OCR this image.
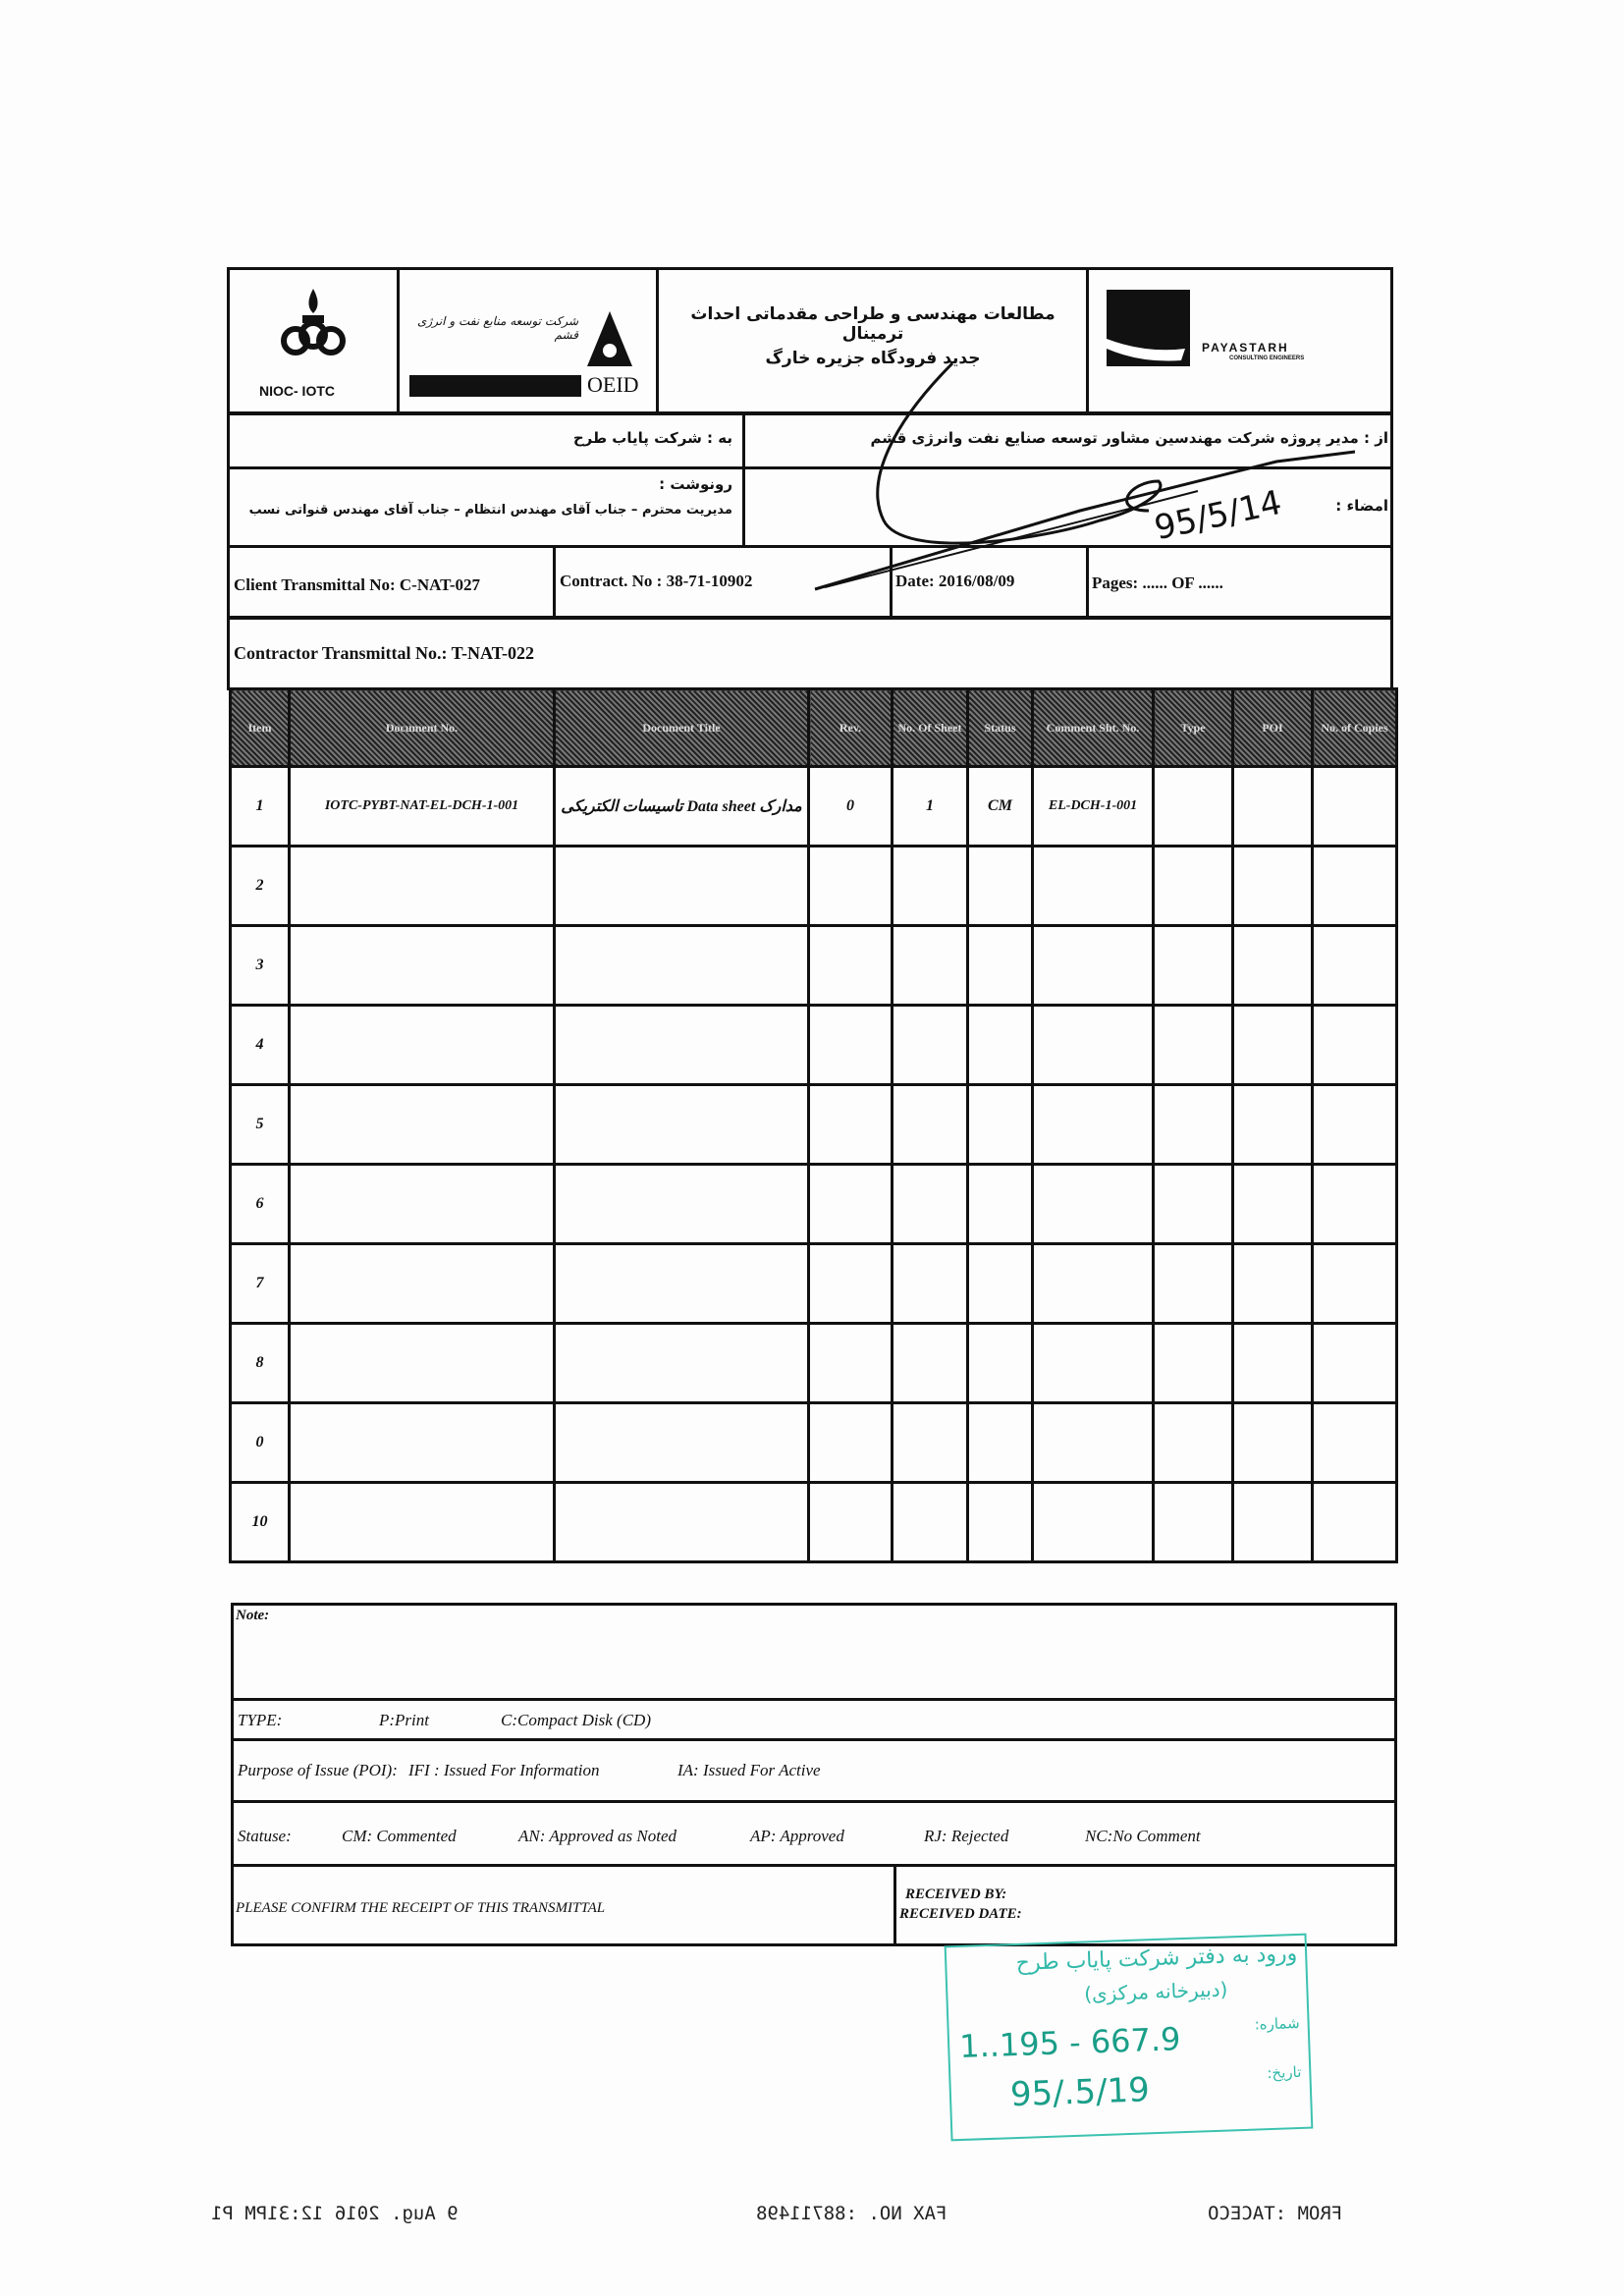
NIOC- IOTC
شرکت توسعه منابع نفت و انرژی قشم
OEID
مطالعات مهندسی و طراحی مقدماتی احداث ترمینال
جدید فرودگاه جزیره خارگ
PAYASTARH
CONSULTING ENGINEERS
به : شرکت پایاب طرح	از : مدیر پروژه شرکت مهندسین مشاور توسعه صنایع نفت وانرژی قشم
رونوشت :
مدیریت محترم – جناب آقای مهندس انتظام – جناب آقای مهندس قنواتی نسب	امضاء :
Client Transmittal No: C-NAT-027	Contract. No : 38-71-10902	Date: 2016/08/09	Pages: ...... OF ......
Contractor Transmittal No.: T-NAT-022
95/5/14
Item	Document No.	Document Title	Rev.	No. Of Sheet	Status	Comment Sht. No.	Type	POI	No. of Copies
1	IOTC-PYBT-NAT-EL-DCH-1-001	مدارک Data sheet تاسیسات الکتریکی	0	1	CM	EL-DCH-1-001			
2									
3									
4									
5									
6									
7									
8									
0									
10									
Note:
TYPE:	P:Print	C:Compact Disk (CD)
Purpose of Issue (POI): IFI : Issued For Information	IA: Issued For Active
Statuse:	CM: Commented	AN: Approved as Noted	AP: Approved	RJ: Rejected	NC:No Comment
PLEASE CONFIRM THE RECEIPT OF THIS TRANSMITTAL
RECEIVED BY:
RECEIVED DATE:
ورود به دفتر شرکت پایاب طرح
(دبیرخانه مرکزی)
شماره:
1..195 - 667.9
تاریخ:
95/.5/19
FROM :TACECO
FAX NO. :88711498
9 Aug. 2016 12:31PM P1
